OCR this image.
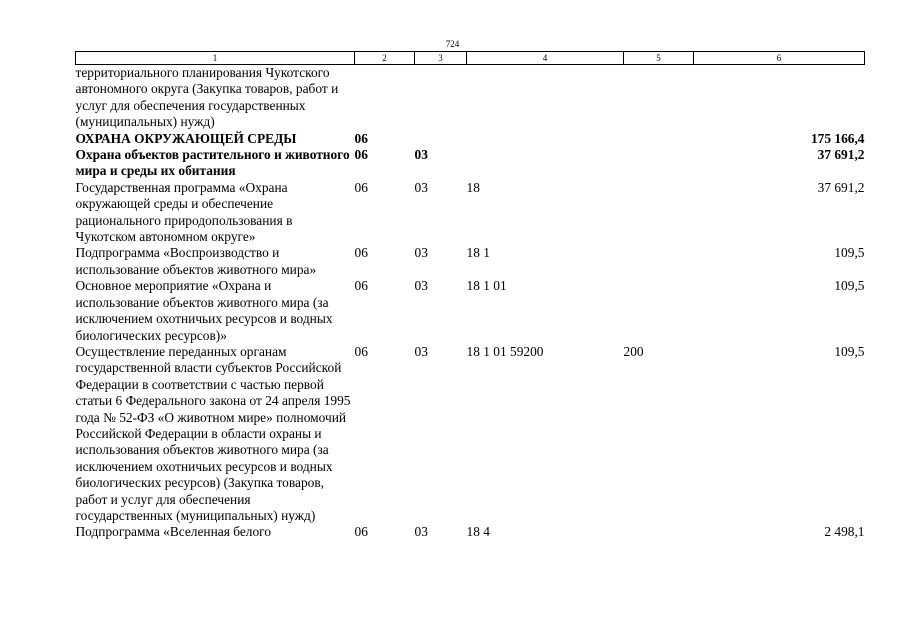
724
1	2	3	4	5	6
территориального планирования Чукотского автономного округа (Закупка товаров, работ и услуг для обеспечения государственных (муниципальных) нужд)					
ОХРАНА ОКРУЖАЮЩЕЙ СРЕДЫ	06				175 166,4
Охрана объектов растительного и животного мира и среды их обитания	06	03			37 691,2
Государственная программа «Охрана окружающей среды и обеспечение рационального природопользования в Чукотском автономном округе»	06	03	18		37 691,2
Подпрограмма «Воспроизводство и использование объектов животного мира»	06	03	18 1		109,5
Основное мероприятие «Охрана и использование объектов животного мира (за исключением охотничьих ресурсов и водных биологических ресурсов)»	06	03	18 1 01		109,5
Осуществление переданных органам государственной власти субъектов Российской Федерации в соответствии с частью первой статьи 6 Федерального закона от 24 апреля 1995 года № 52-ФЗ «О животном мире» полномочий Российской Федерации в области охраны и использования объектов животного мира (за исключением охотничьих ресурсов и водных биологических ресурсов) (Закупка товаров, работ и услуг для обеспечения государственных (муниципальных) нужд)	06	03	18 1 01 59200	200	109,5
Подпрограмма «Вселенная белого	06	03	18 4		2 498,1
